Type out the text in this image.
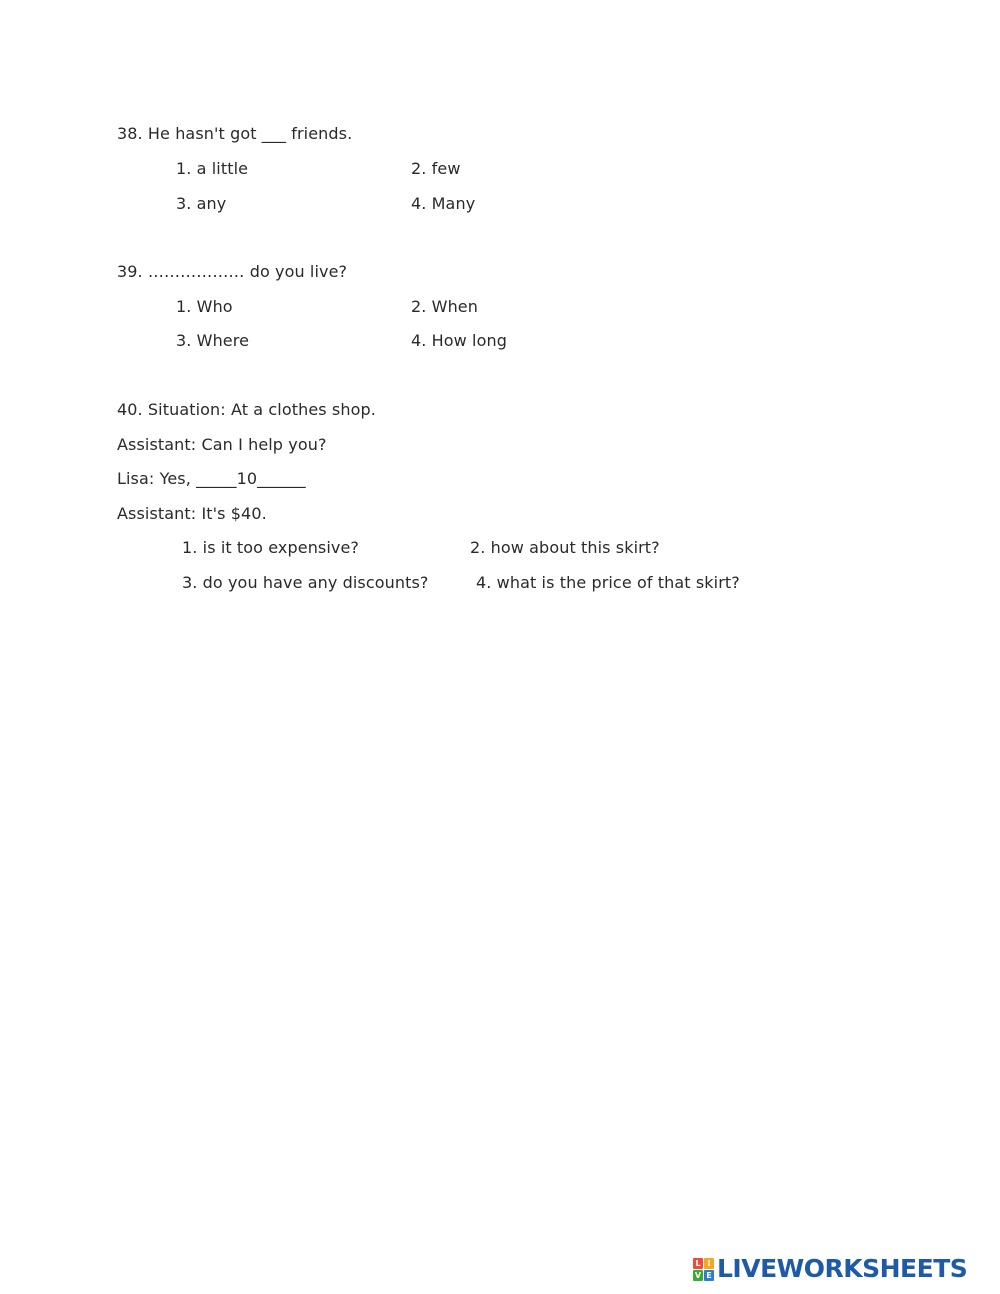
38. He hasn't got ___ friends.
1. a little	2. few
3. any	4. Many
39. ……………… do you live?
1. Who	2. When
3. Where	4. How long
40. Situation: At a clothes shop.
Assistant: Can I help you?
Lisa: Yes, _____10______
Assistant: It's $40.
1. is it too expensive?	2. how about this skirt?
3. do you have any discounts?	4. what is the price of that skirt?
L I
V E LIVEWORKSHEETS
